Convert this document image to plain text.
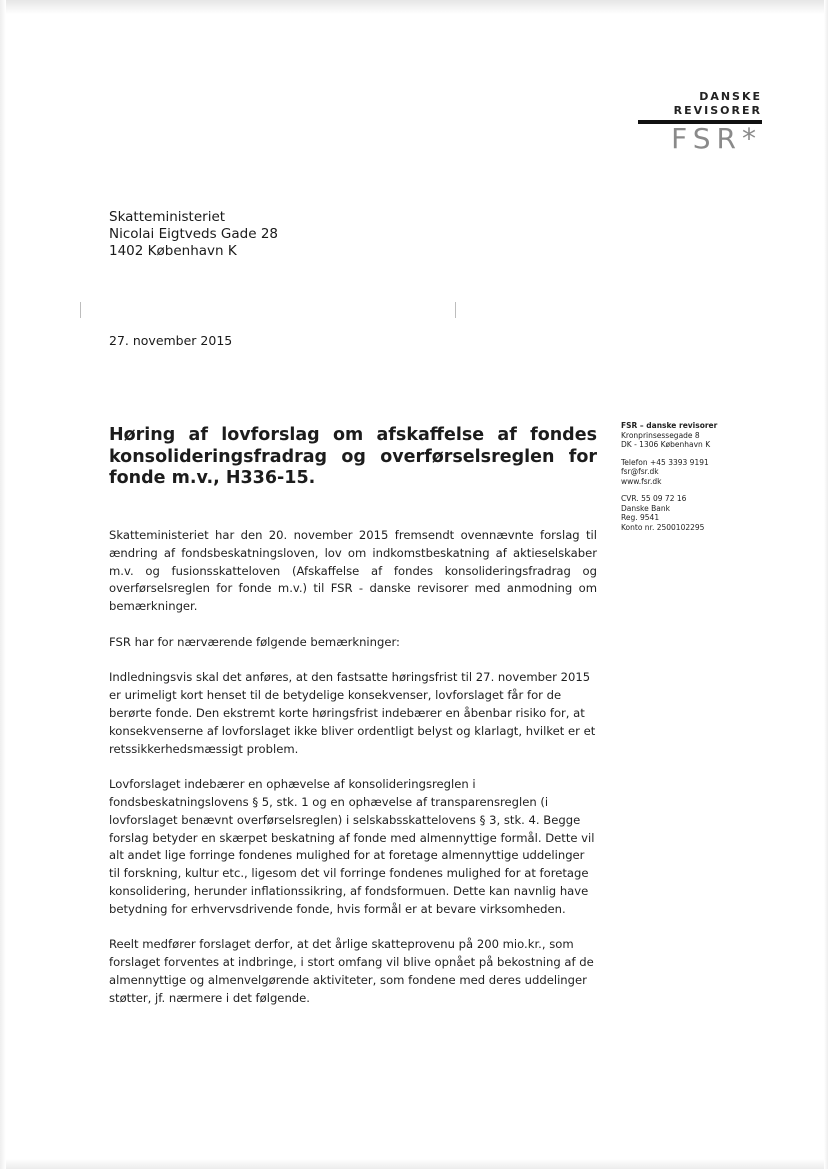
DANSKE
REVISORER
FSR*
Skatteministeriet
Nicolai Eigtveds Gade 28
1402 København K
27. november 2015
Høring af lovforslag om afskaffelse af fondes konsolideringsfradrag og overførselsreglen for fonde m.v., H336-15.
FSR – danske revisorer
Kronprinsessegade 8
DK - 1306 København K
Telefon +45 3393 9191
fsr@fsr.dk
www.fsr.dk
CVR. 55 09 72 16
Danske Bank
Reg. 9541
Konto nr. 2500102295

Skatteministeriet har den 20. november 2015 fremsendt ovennævnte forslag til ændring af fondsbeskatningsloven, lov om indkomstbeskatning af aktieselskaber m.v. og fusionsskatteloven (Afskaffelse af fondes konsolideringsfradrag og overførselsreglen for fonde m.v.) til FSR - danske revisorer med anmodning om bemærkninger.

FSR har for nærværende følgende bemærkninger:

Indledningsvis skal det anføres, at den fastsatte høringsfrist til 27. november 2015 er urimeligt kort henset til de betydelige konsekvenser, lovforslaget får for de berørte fonde. Den ekstremt korte høringsfrist indebærer en åbenbar risiko for, at konsekvenserne af lovforslaget ikke bliver ordentligt belyst og klarlagt, hvilket er et retssikkerhedsmæssigt problem.

Lovforslaget indebærer en ophævelse af konsolideringsreglen i fondsbeskatningslovens § 5, stk. 1 og en ophævelse af transparensreglen (i lovforslaget benævnt overførselsreglen) i selskabsskattelovens § 3, stk. 4. Begge forslag betyder en skærpet beskatning af fonde med almennyttige formål. Dette vil alt andet lige forringe fondenes mulighed for at foretage almennyttige uddelinger til forskning, kultur etc., ligesom det vil forringe fondenes mulighed for at foretage konsolidering, herunder inflationssikring, af fondsformuen. Dette kan navnlig have betydning for erhvervsdrivende fonde, hvis formål er at bevare virksomheden.

Reelt medfører forslaget derfor, at det årlige skatteprovenu på 200 mio.kr., som forslaget forventes at indbringe, i stort omfang vil blive opnået på bekostning af de almennyttige og almenvelgørende aktiviteter, som fondene med deres uddelinger støtter, jf. nærmere i det følgende.
